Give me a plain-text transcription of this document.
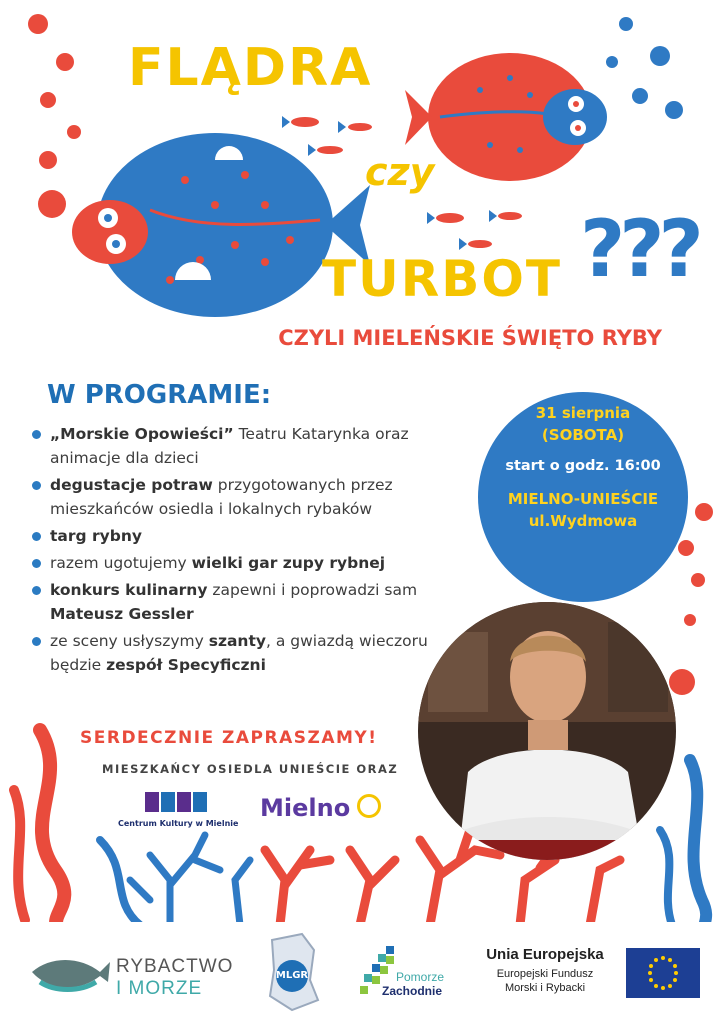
FLĄDRA
czy
TURBOT ???
CZYLI MIELEŃSKIE ŚWIĘTO RYBY
W PROGRAMIE:
„Morskie Opowieści” Teatru Katarynka oraz animacje dla dzieci
degustacje potraw przygotowanych przez mieszkańców osiedla i lokalnych rybaków
targ rybny
razem ugotujemy wielki gar zupy rybnej
konkurs kulinarny zapewni i poprowadzi sam Mateusz Gessler
ze sceny usłyszymy szanty, a gwiazdą wieczoru będzie zespół Specyficzni
31 sierpnia
(SOBOTA)
start o godz. 16:00
MIELNO-UNIEŚCIE
ul.Wydmowa
SERDECZNIE ZAPRASZAMY!
MIESZKAŃCY OSIEDLA UNIEŚCIE ORAZ
Centrum Kultury w Mielnie
Mielno
RYBACTWO
I MORZE
MLGR	Pomorze
Zachodnie
Unia Europejska
Europejski Fundusz
Morski i Rybacki
